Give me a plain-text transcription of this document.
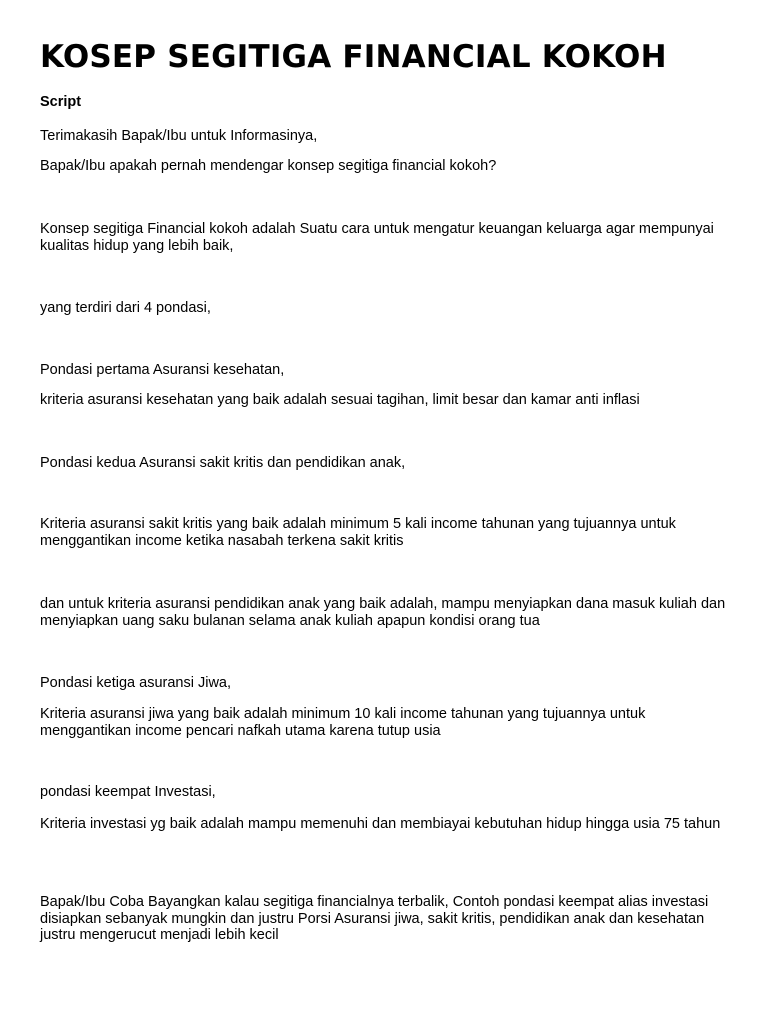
KOSEP SEGITIGA FINANCIAL KOKOH
Script

Terimakasih Bapak/Ibu untuk Informasinya,

Bapak/Ibu apakah pernah mendengar konsep segitiga financial kokoh?

Konsep segitiga Financial kokoh adalah Suatu cara untuk mengatur keuangan keluarga agar mempunyai kualitas hidup yang lebih baik,

yang terdiri dari 4 pondasi,

Pondasi pertama Asuransi kesehatan,

kriteria asuransi kesehatan yang baik adalah sesuai tagihan, limit besar dan kamar anti inflasi

Pondasi kedua Asuransi sakit kritis dan pendidikan anak,

Kriteria asuransi sakit kritis yang baik adalah minimum 5 kali income tahunan yang tujuannya untuk menggantikan income ketika nasabah terkena sakit kritis

dan untuk kriteria asuransi pendidikan anak yang baik adalah, mampu menyiapkan dana masuk kuliah dan menyiapkan uang saku bulanan selama anak kuliah apapun kondisi orang tua

Pondasi ketiga asuransi Jiwa,

Kriteria asuransi jiwa yang baik adalah minimum 10 kali income tahunan yang tujuannya untuk menggantikan income pencari nafkah utama karena tutup usia

pondasi keempat Investasi,

Kriteria investasi yg baik adalah mampu memenuhi dan membiayai kebutuhan hidup hingga usia 75 tahun

Bapak/Ibu Coba Bayangkan kalau segitiga financialnya terbalik, Contoh pondasi keempat alias investasi disiapkan sebanyak mungkin dan justru Porsi Asuransi jiwa, sakit kritis, pendidikan anak dan kesehatan justru mengerucut menjadi lebih kecil
